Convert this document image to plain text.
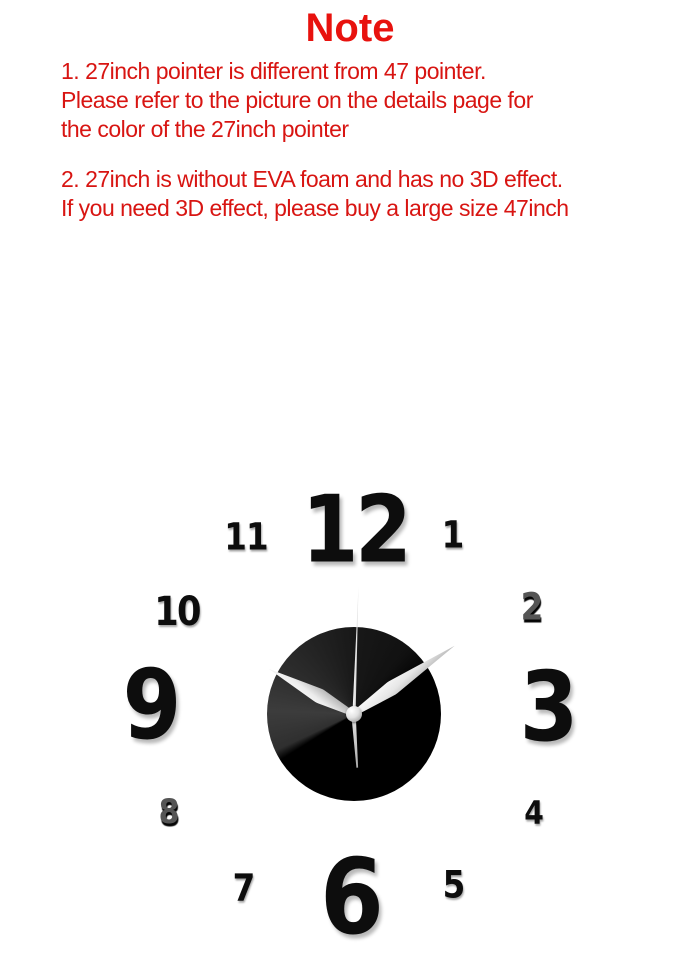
Note
1. 27inch pointer is different from 47 pointer.
Please refer to the picture on the details page for
the color of the 27inch pointer
2. 27inch is without EVA foam and has no 3D effect.
If you need 3D effect, please buy a large size 47inch
12 1
2
3
4
5
6
7
8
9
10
11
